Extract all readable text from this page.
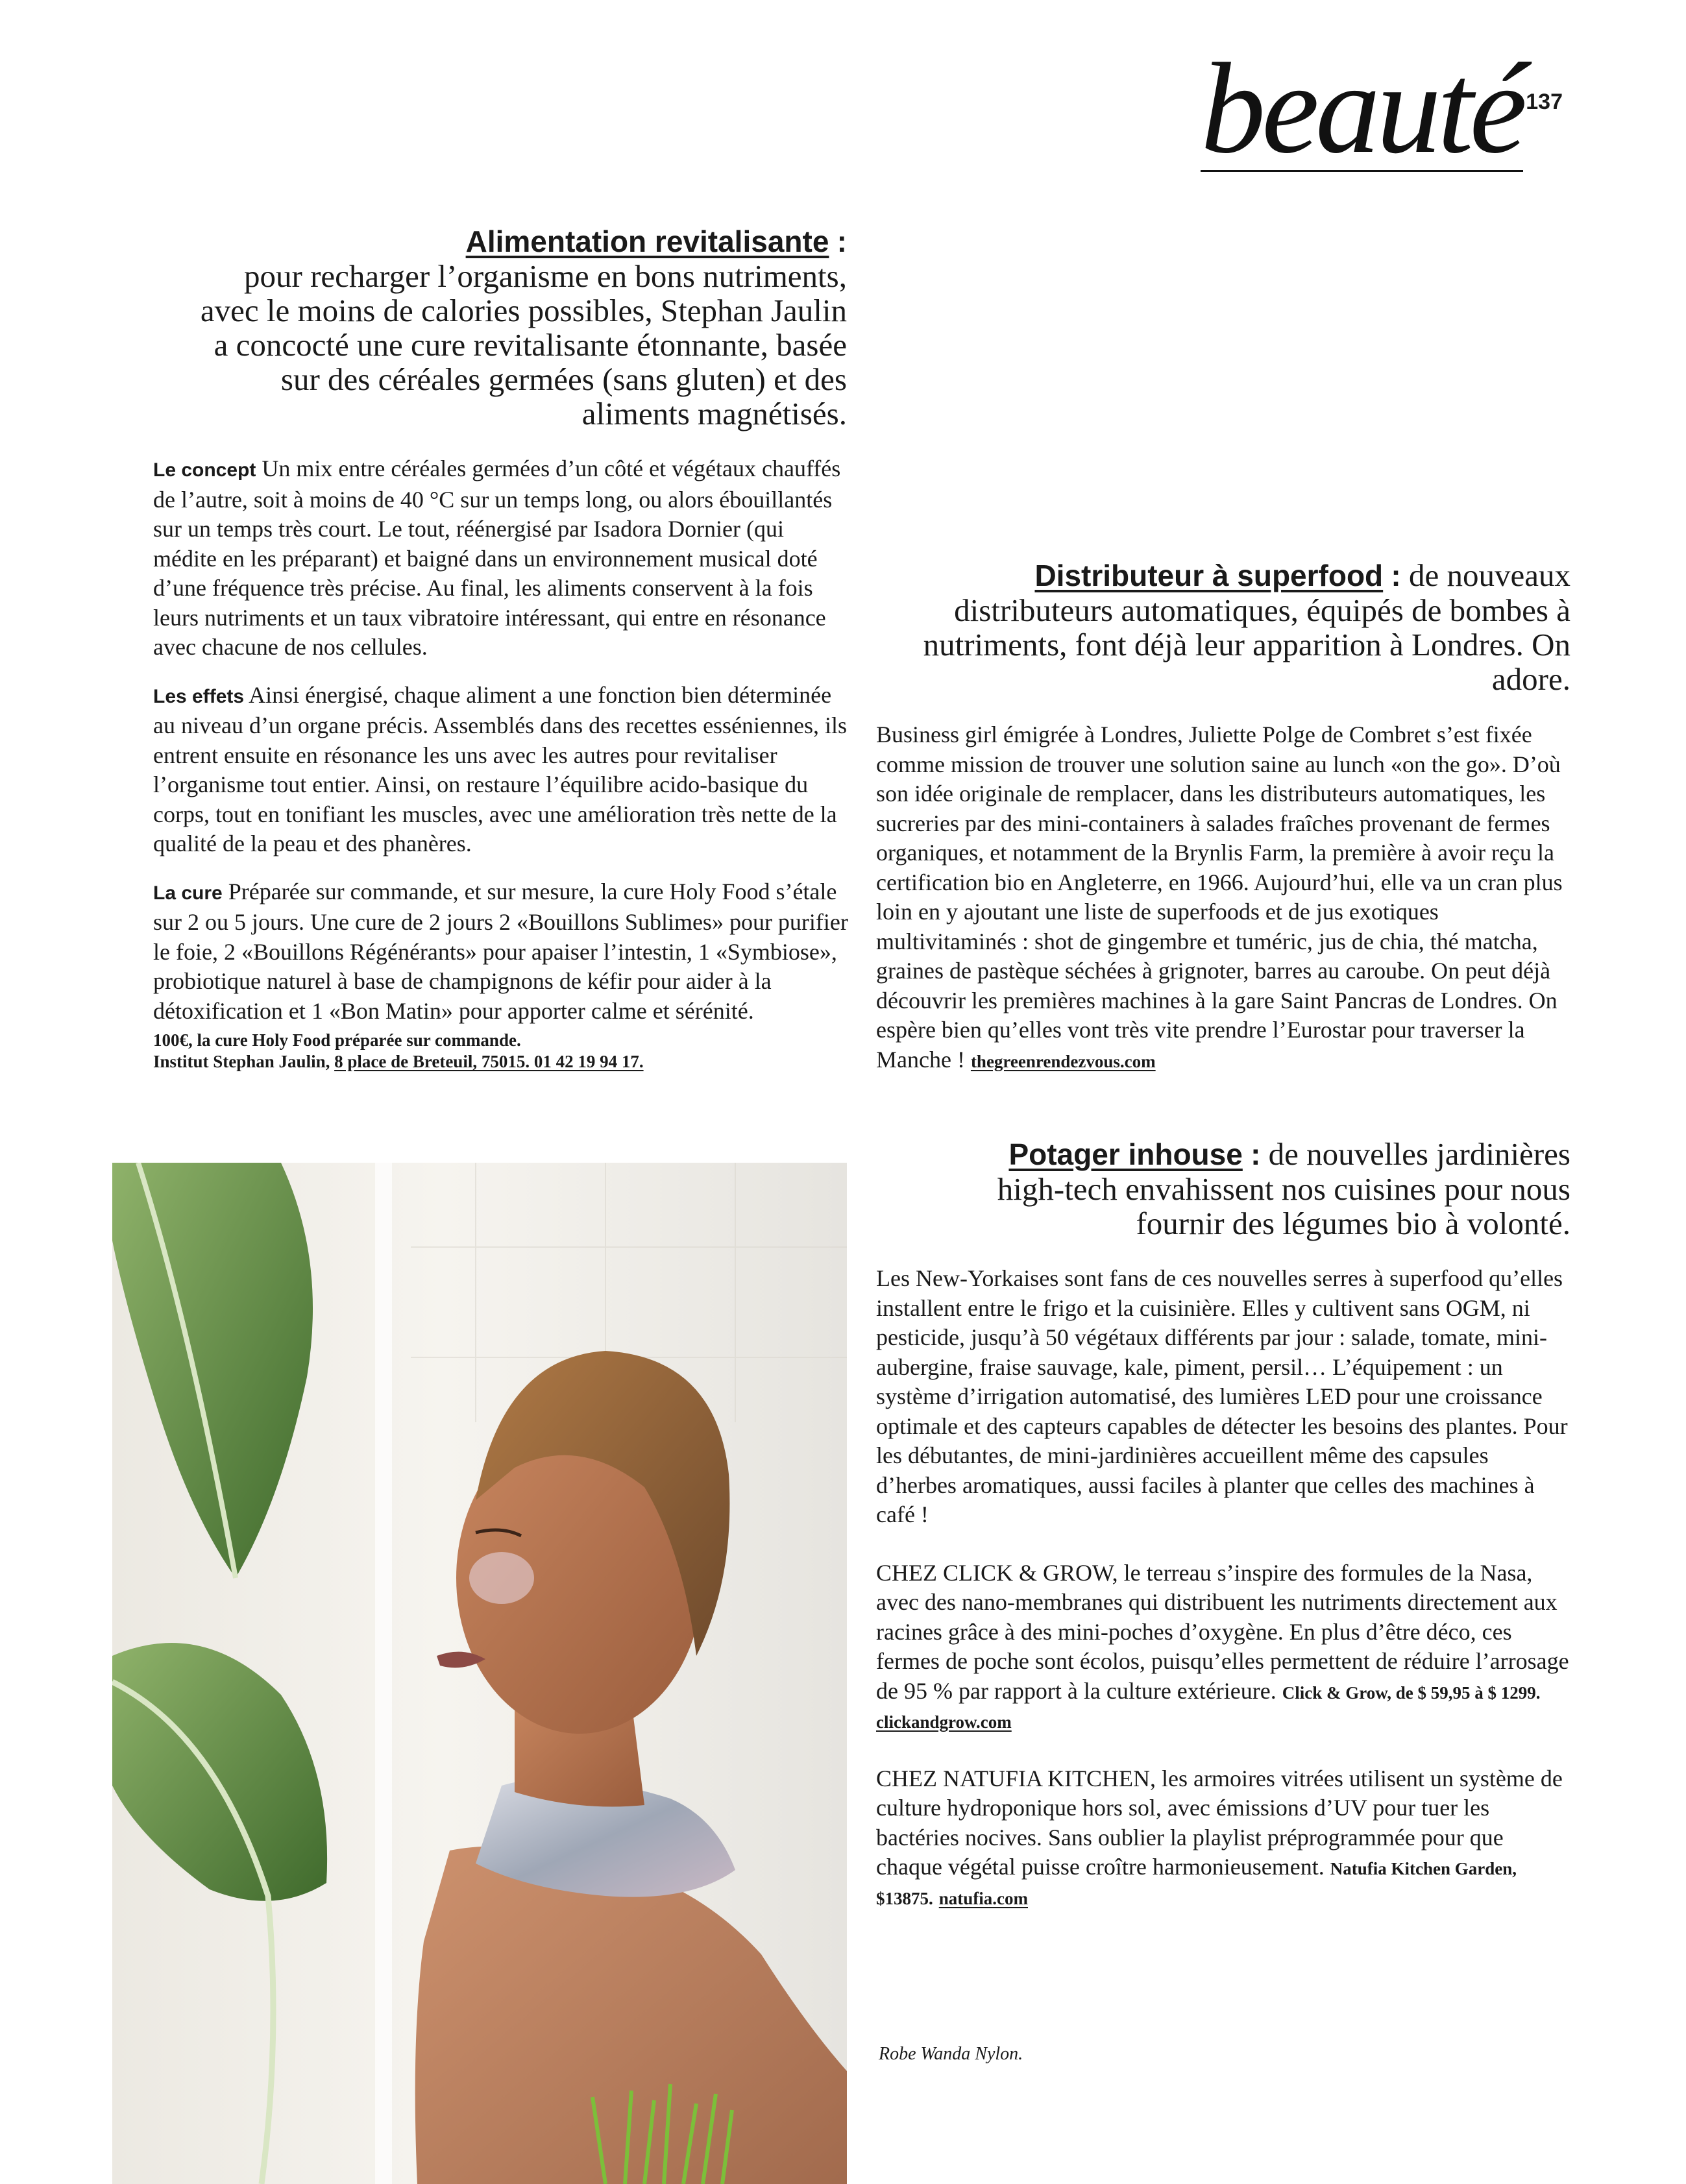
beauté 137
Alimentation revitalisante :
pour recharger l’organisme en bons nutriments, avec le moins de calories possibles, Stephan Jaulin a concocté une cure revitalisante étonnante, basée sur des céréales germées (sans gluten) et des aliments magnétisés.

Le concept Un mix entre céréales germées d’un côté et végétaux chauffés de l’autre, soit à moins de 40 °C sur un temps long, ou alors ébouillantés sur un temps très court. Le tout, réénergisé par Isadora Dornier (qui médite en les préparant) et baigné dans un environnement musical doté d’une fréquence très précise. Au final, les aliments conservent à la fois leurs nutriments et un taux vibratoire intéressant, qui entre en résonance avec chacune de nos cellules.

Les effets Ainsi énergisé, chaque aliment a une fonction bien déterminée au niveau d’un organe précis. Assemblés dans des recettes esséniennes, ils entrent ensuite en résonance les uns avec les autres pour revitaliser l’organisme tout entier. Ainsi, on restaure l’équilibre acido-basique du corps, tout en tonifiant les muscles, avec une amélioration très nette de la qualité de la peau et des phanères.

La cure Préparée sur commande, et sur mesure, la cure Holy Food s’étale sur 2 ou 5 jours. Une cure de 2 jours 2 «Bouillons Sublimes» pour purifier le foie, 2 «Bouillons Régénérants» pour apaiser l’intestin, 1 «Symbiose», probiotique naturel à base de champignons de kéfir pour aider à la détoxification et 1 «Bon Matin» pour apporter calme et sérénité.

100€, la cure Holy Food préparée sur commande.
Institut Stephan Jaulin, 8 place de Breteuil, 75015. 01 42 19 94 17.
Distributeur à superfood : de nouveaux distributeurs automatiques, équipés de bombes à nutriments, font déjà leur apparition à Londres. On adore.

Business girl émigrée à Londres, Juliette Polge de Combret s’est fixée comme mission de trouver une solution saine au lunch «on the go». D’où son idée originale de remplacer, dans les distributeurs automatiques, les sucreries par des mini-containers à salades fraîches provenant de fermes organiques, et notamment de la Brynlis Farm, la première à avoir reçu la certification bio en Angleterre, en 1966. Aujourd’hui, elle va un cran plus loin en y ajoutant une liste de superfoods et de jus exotiques multivitaminés : shot de gingembre et tuméric, jus de chia, thé matcha, graines de pastèque séchées à grignoter, barres au caroube. On peut déjà découvrir les premières machines à la gare Saint Pancras de Londres. On espère bien qu’elles vont très vite prendre l’Eurostar pour traverser la Manche ! thegreenrendezvous.com

Potager inhouse : de nouvelles jardinières high-tech envahissent nos cuisines pour nous fournir des légumes bio à volonté.

Les New-Yorkaises sont fans de ces nouvelles serres à superfood qu’elles installent entre le frigo et la cuisinière. Elles y cultivent sans OGM, ni pesticide, jusqu’à 50 végétaux différents par jour : salade, tomate, mini-aubergine, fraise sauvage, kale, piment, persil… L’équipement : un système d’irrigation automatisé, des lumières LED pour une croissance optimale et des capteurs capables de détecter les besoins des plantes. Pour les débutantes, de mini-jardinières accueillent même des capsules d’herbes aromatiques, aussi faciles à planter que celles des machines à café !

CHEZ CLICK & GROW, le terreau s’inspire des formules de la Nasa, avec des nano-membranes qui distribuent les nutriments directement aux racines grâce à des mini-poches d’oxygène. En plus d’être déco, ces fermes de poche sont écolos, puisqu’elles permettent de réduire l’arrosage de 95 % par rapport à la culture extérieure. Click & Grow, de $ 59,95 à $ 1299. clickandgrow.com

CHEZ NATUFIA KITCHEN, les armoires vitrées utilisent un système de culture hydroponique hors sol, avec émissions d’UV pour tuer les bactéries nocives. Sans oublier la playlist préprogrammée pour que chaque végétal puisse croître harmonieusement. Natufia Kitchen Garden, $13875. natufia.com

Robe Wanda Nylon.
